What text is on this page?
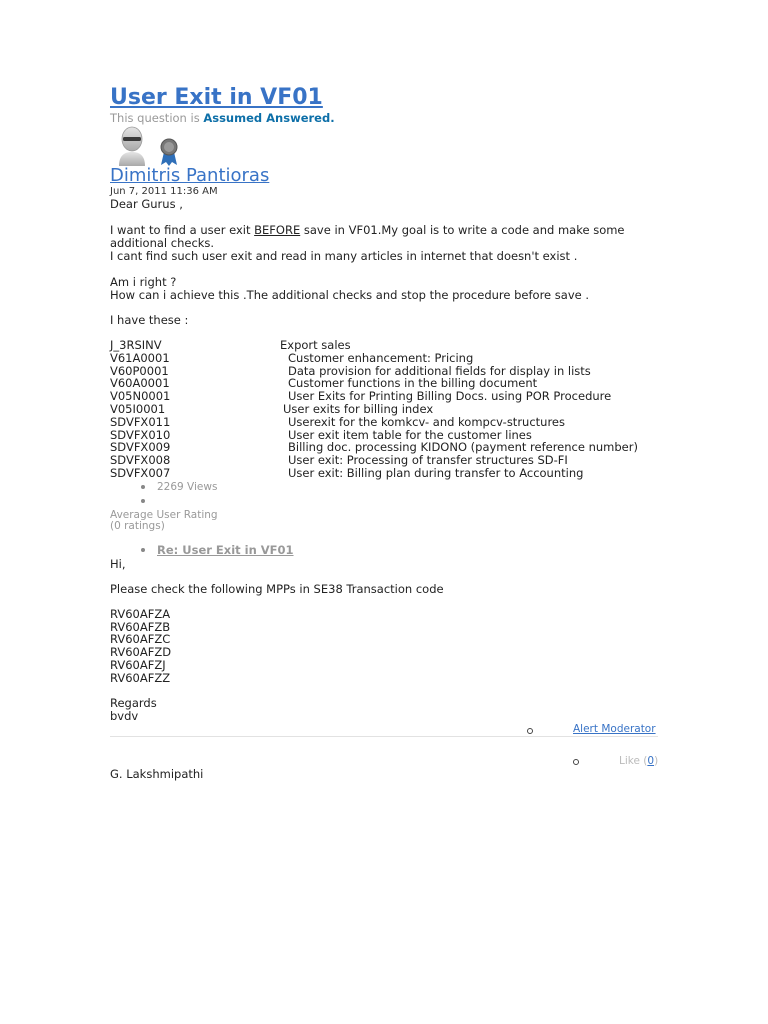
User Exit in VF01
This question is Assumed Answered.
Dimitris Pantioras
Jun 7, 2011 11:36 AM
Dear Gurus ,
I want to find a user exit BEFORE save in VF01.My goal is to write a code and make some
additional checks.
I cant find such user exit and read in many articles in internet that doesn't exist .
Am i right ?
How can i achieve this .The additional checks and stop the procedure before save .
I have these :
J_3RSINV	Export sales
V61A0001	Customer enhancement: Pricing
V60P0001	Data provision for additional fields for display in lists
V60A0001	Customer functions in the billing document
V05N0001	User Exits for Printing Billing Docs. using POR Procedure
V05I0001	User exits for billing index
SDVFX011	Userexit for the komkcv- and kompcv-structures
SDVFX010	User exit item table for the customer lines
SDVFX009	Billing doc. processing KIDONO (payment reference number)
SDVFX008	User exit: Processing of transfer structures SD-FI
SDVFX007	User exit: Billing plan during transfer to Accounting
2269 Views
Average User Rating
(0 ratings)
Re: User Exit in VF01
Hi,
Please check the following MPPs in SE38 Transaction code
RV60AFZA
RV60AFZB
RV60AFZC
RV60AFZD
RV60AFZJ
RV60AFZZ
Regards
bvdv
Alert Moderator
Like (0)
G. Lakshmipathi
